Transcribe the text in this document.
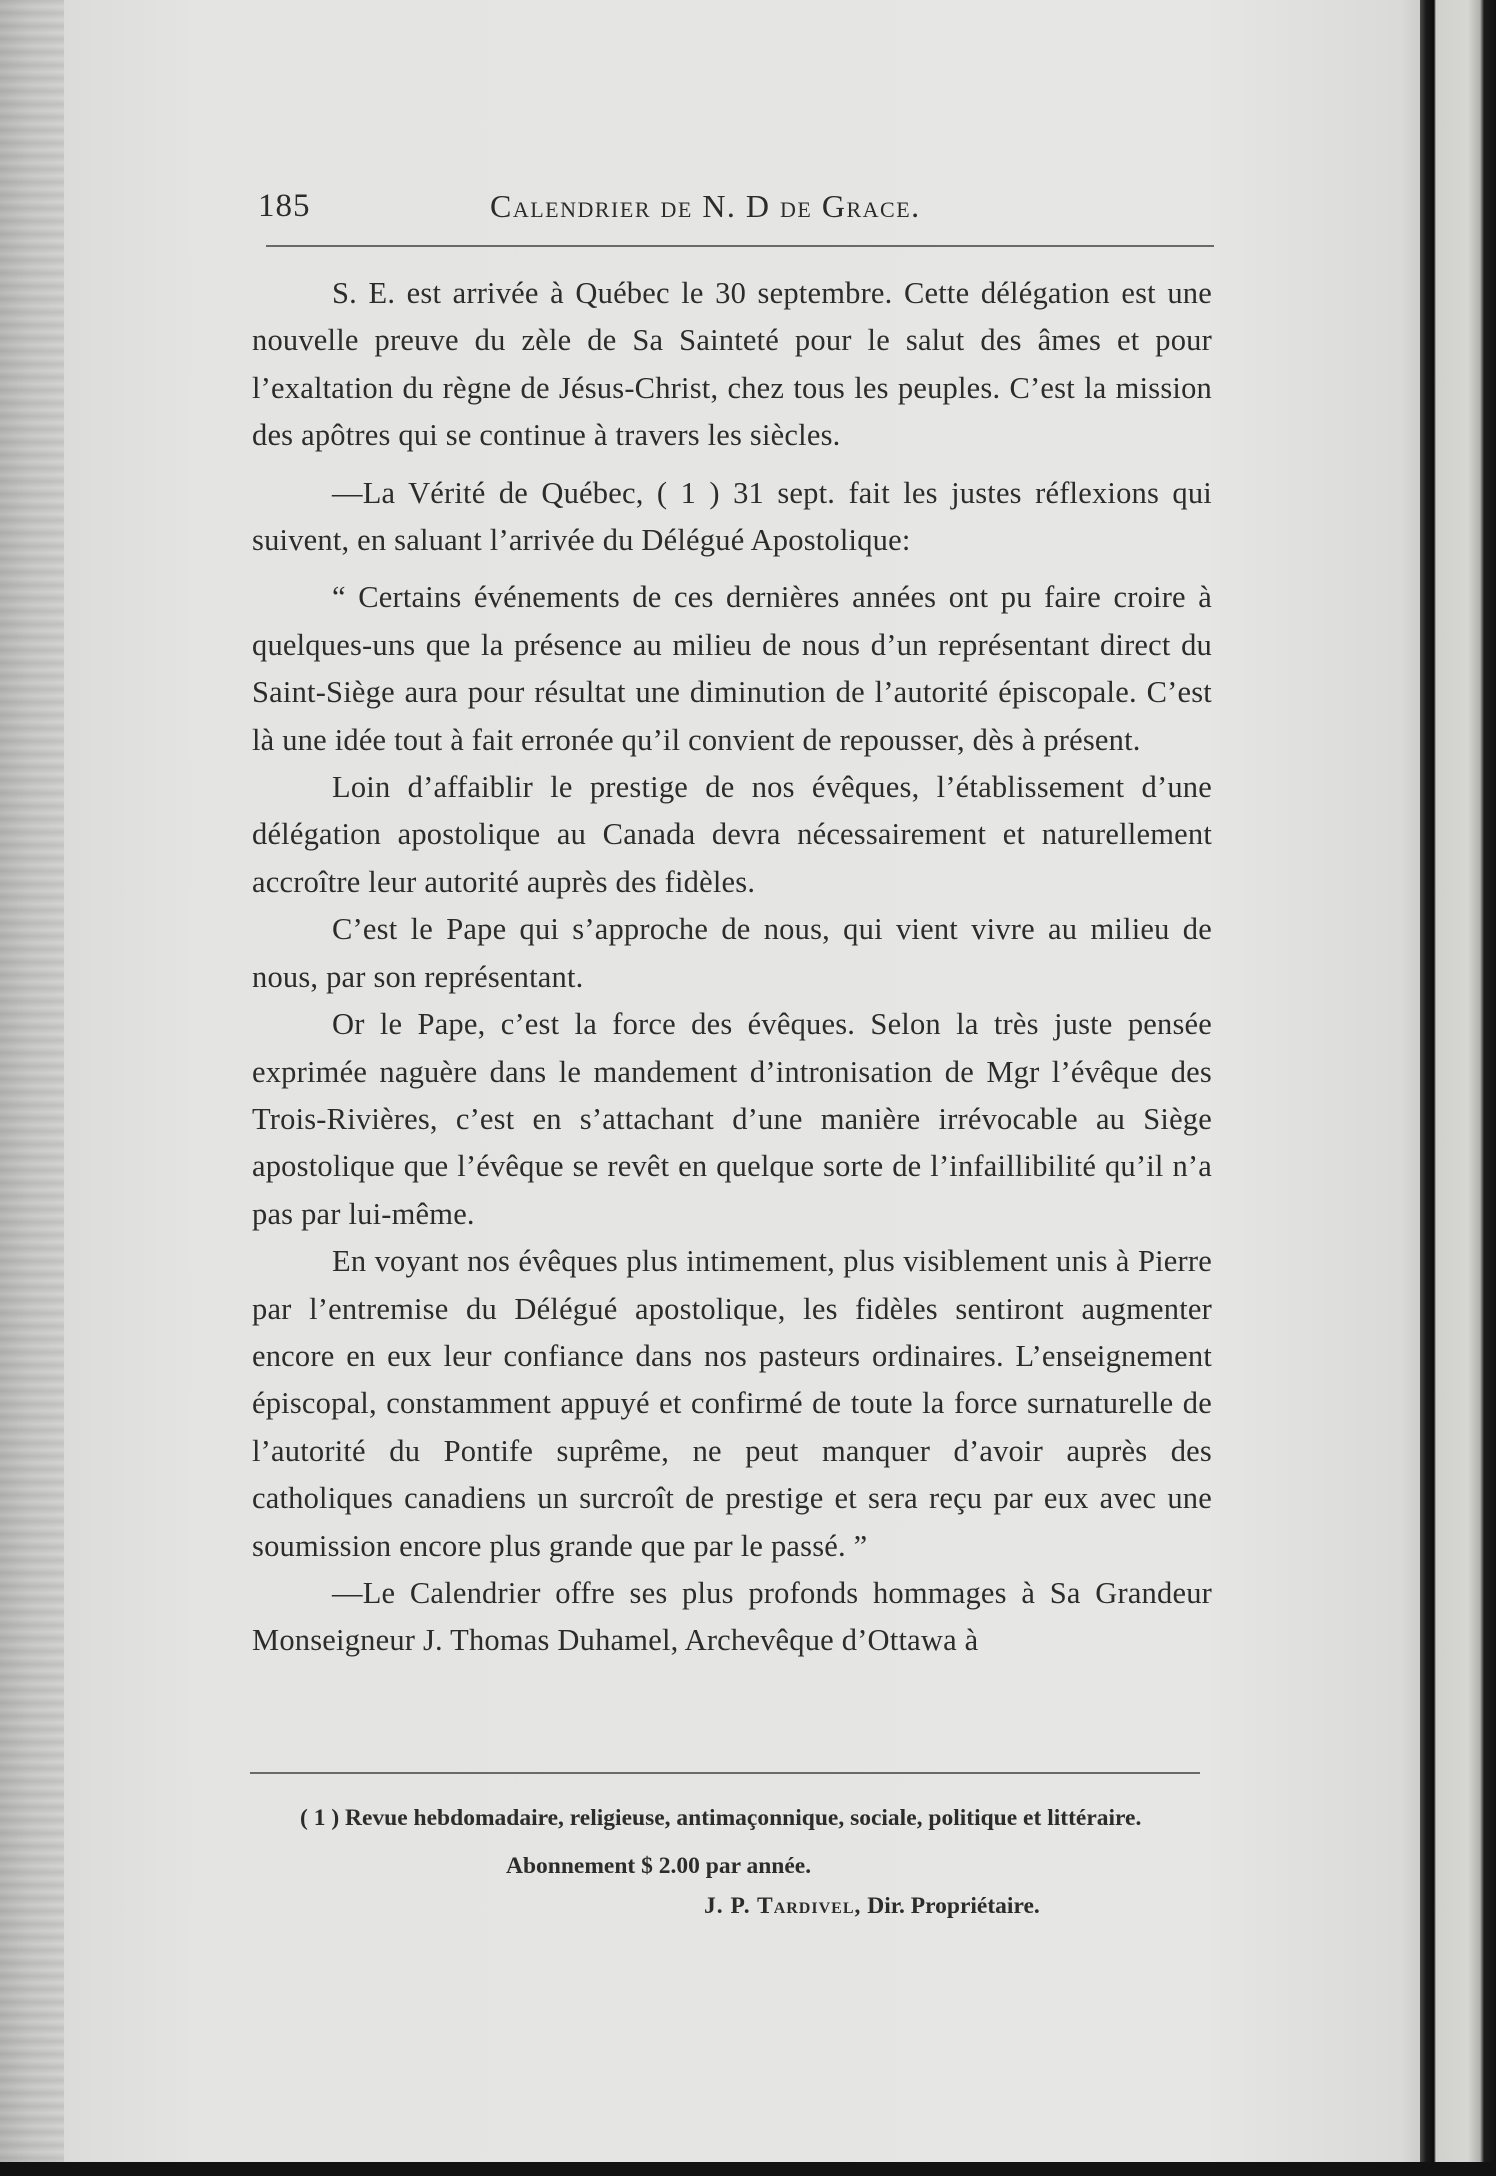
185	Calendrier de N. D de Grace.

S. E. est arrivée à Québec le 30 septembre. Cette délégation est une nouvelle preuve du zèle de Sa Sainteté pour le salut des âmes et pour l’exaltation du règne de Jésus-Christ, chez tous les peuples. C’est la mission des apôtres qui se continue à travers les siècles.

—La Vérité de Québec, ( 1 ) 31 sept. fait les justes réflexions qui suivent, en saluant l’arrivée du Délégué Apostolique:

“ Certains événements de ces dernières années ont pu faire croire à quelques-uns que la présence au milieu de nous d’un représentant direct du Saint-Siège aura pour résultat une diminution de l’autorité épiscopale. C’est là une idée tout à fait erronée qu’il convient de repousser, dès à présent.

Loin d’affaiblir le prestige de nos évêques, l’établissement d’une délégation apostolique au Canada devra nécessairement et naturellement accroître leur autorité auprès des fidèles.

C’est le Pape qui s’approche de nous, qui vient vivre au milieu de nous, par son représentant.

Or le Pape, c’est la force des évêques. Selon la très juste pensée exprimée naguère dans le mandement d’intronisation de Mgr l’évêque des Trois-Rivières, c’est en s’attachant d’une manière irrévocable au Siège apostolique que l’évêque se revêt en quelque sorte de l’infaillibilité qu’il n’a pas par lui-même.

En voyant nos évêques plus intimement, plus visiblement unis à Pierre par l’entremise du Délégué apostolique, les fidèles sentiront augmenter encore en eux leur confiance dans nos pasteurs ordinaires. L’enseignement épiscopal, constamment appuyé et confirmé de toute la force surnaturelle de l’autorité du Pontife suprême, ne peut manquer d’avoir auprès des catholiques canadiens un surcroît de prestige et sera reçu par eux avec une soumission encore plus grande que par le passé. ”

—Le Calendrier offre ses plus profonds hommages à Sa Grandeur Monseigneur J. Thomas Duhamel, Archevêque d’Ottawa à

( 1 ) Revue hebdomadaire, religieuse, antimaçonnique, sociale, politique et littéraire.

Abonnement $ 2.00 par année.

J. P. Tardivel, Dir. Propriétaire.
